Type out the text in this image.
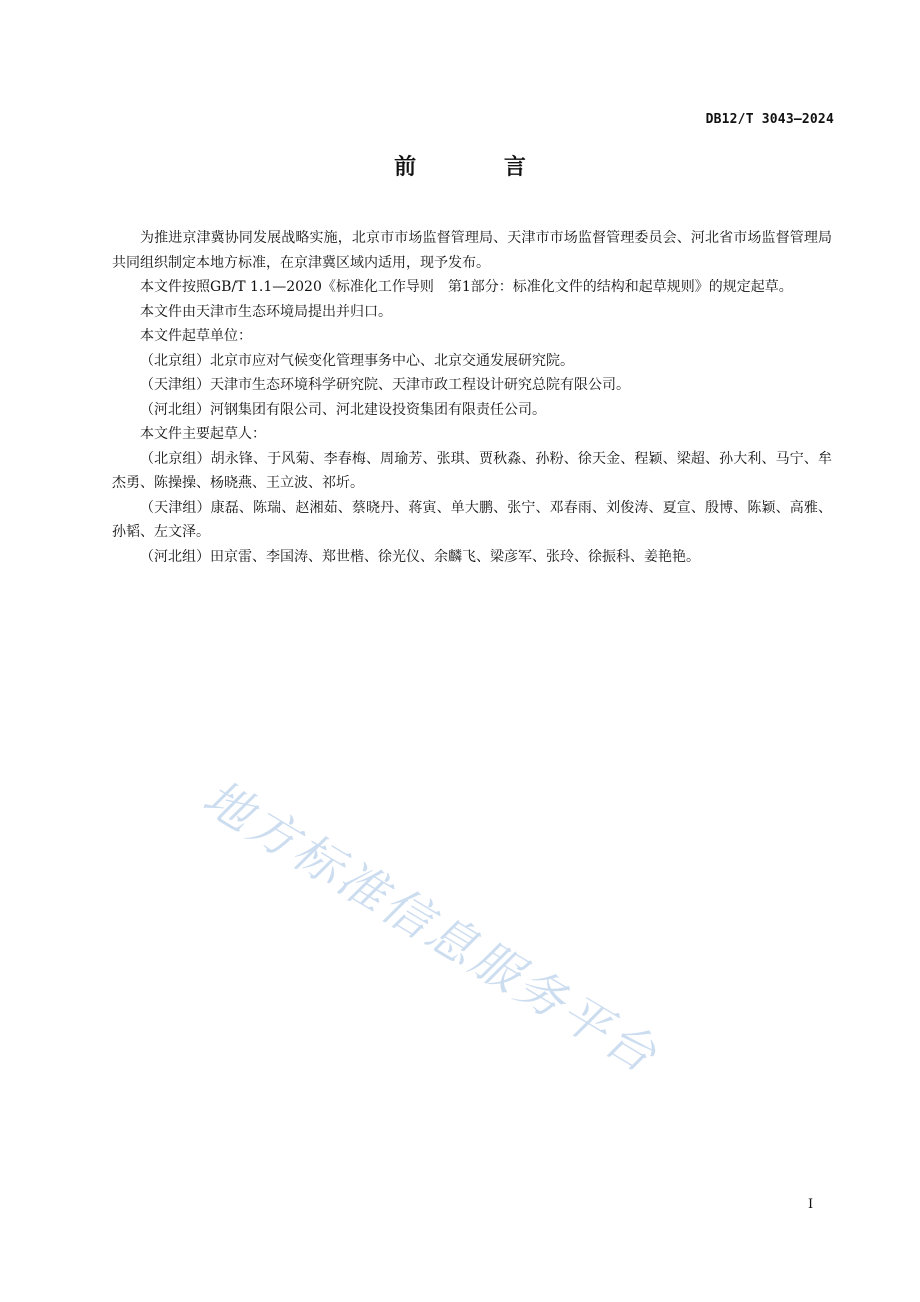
DB12/T 3043—2024
前 言

为推进京津冀协同发展战略实施，北京市市场监督管理局、天津市市场监督管理委员会、河北省市场监督管理局共同组织制定本地方标准，在京津冀区域内适用，现予发布。

本文件按照GB/T 1.1—2020《标准化工作导则　第1部分：标准化文件的结构和起草规则》的规定起草。

本文件由天津市生态环境局提出并归口。

本文件起草单位：

（北京组）北京市应对气候变化管理事务中心、北京交通发展研究院。

（天津组）天津市生态环境科学研究院、天津市政工程设计研究总院有限公司。

（河北组）河钢集团有限公司、河北建设投资集团有限责任公司。

本文件主要起草人：

（北京组）胡永锋、于风菊、李春梅、周瑜芳、张琪、贾秋淼、孙粉、徐天金、程颖、梁超、孙大利、马宁、牟杰勇、陈操操、杨晓燕、王立波、祁圻。

（天津组）康磊、陈瑞、赵湘茹、蔡晓丹、蒋寅、单大鹏、张宁、邓春雨、刘俊涛、夏宣、殷博、陈颖、高雅、孙韬、左文泽。

（河北组）田京雷、李国涛、郑世楷、徐光仪、余麟飞、梁彦军、张玲、徐振科、姜艳艳。

地方标准信息服务平台
I
